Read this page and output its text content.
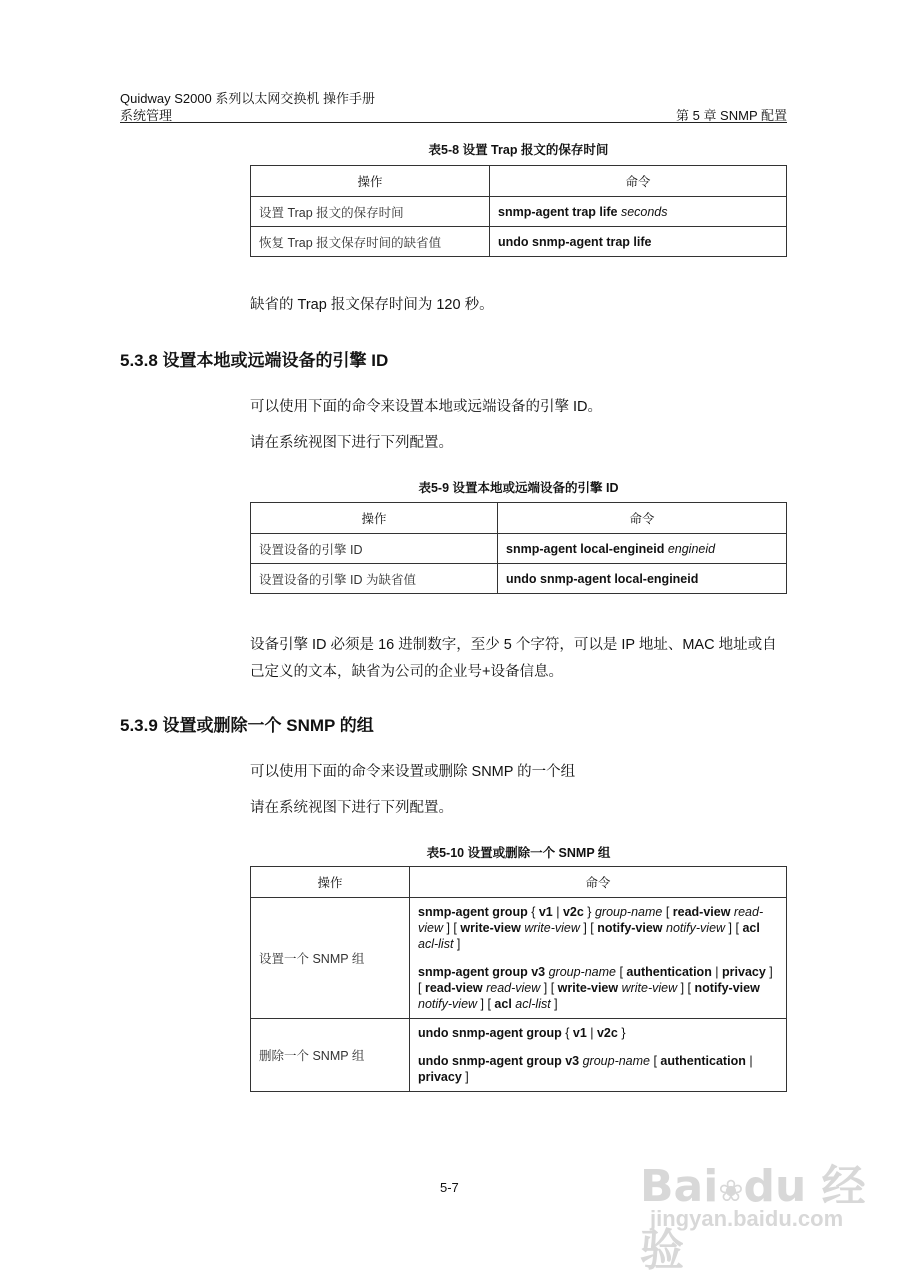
Quidway S2000 系列以太网交换机 操作手册
系统管理	第 5 章 SNMP 配置
表5-8 设置 Trap 报文的保存时间
操作	命令
设置 Trap 报文的保存时间	snmp-agent trap life seconds

恢复 Trap 报文保存时间的缺省值	undo snmp-agent trap life
缺省的 Trap 报文保存时间为 120 秒。
5.3.8 设置本地或远端设备的引擎 ID
可以使用下面的命令来设置本地或远端设备的引擎 ID。
请在系统视图下进行下列配置。
表5-9 设置本地或远端设备的引擎 ID
操作	命令
设置设备的引擎 ID	snmp-agent local-engineid engineid

设置设备的引擎 ID 为缺省值	undo snmp-agent local-engineid
设备引擎 ID 必须是 16 进制数字，至少 5 个字符，可以是 IP 地址、MAC 地址或自己定义的文本，缺省为公司的企业号+设备信息。
5.3.9 设置或删除一个 SNMP 的组
可以使用下面的命令来设置或删除 SNMP 的一个组
请在系统视图下进行下列配置。
表5-10 设置或删除一个 SNMP 组
操作	命令
设置一个 SNMP 组	snmp-agent group { v1 | v2c } group-name [ read-view read-view ] [ write-view write-view ] [ notify-view notify-view ] [ acl acl-list ]
snmp-agent group v3 group-name [ authentication | privacy ] [ read-view read-view ] [ write-view write-view ] [ notify-view notify-view ] [ acl acl-list ]

删除一个 SNMP 组	undo snmp-agent group { v1 | v2c }
undo snmp-agent group v3 group-name [ authentication | privacy ]
5-7	Bai❀du 经验
jingyan.baidu.com
